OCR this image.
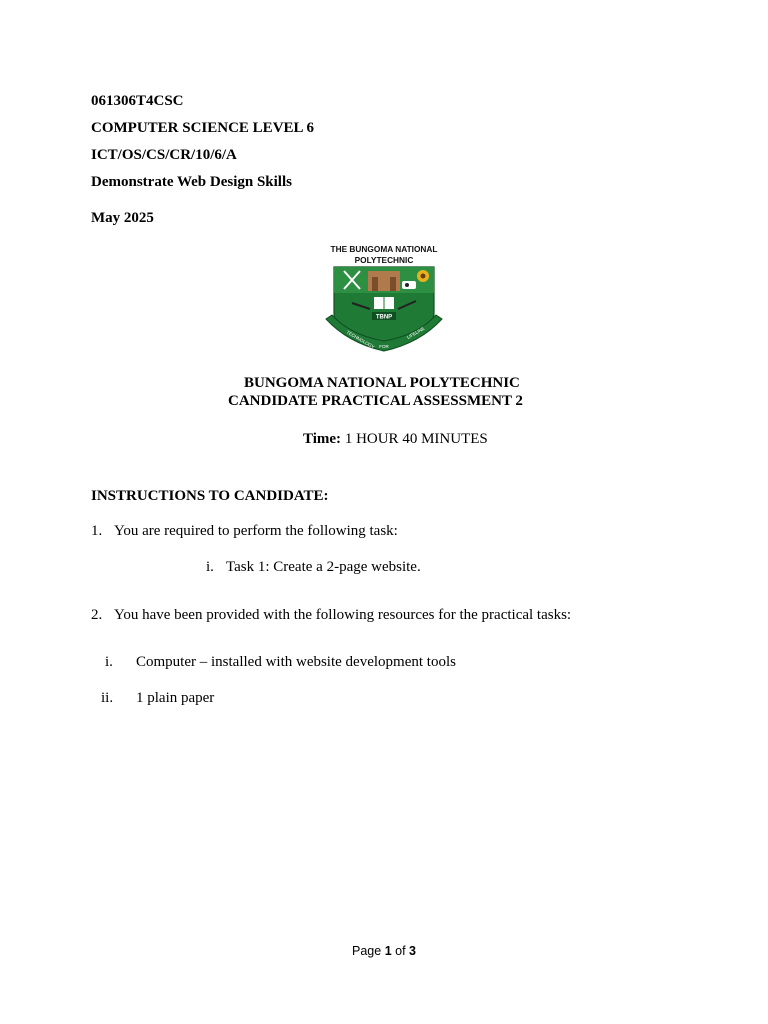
061306T4CSC
COMPUTER SCIENCE LEVEL 6
ICT/OS/CS/CR/10/6/A
Demonstrate Web Design Skills
May 2025
THE BUNGOMA NATIONAL
POLYTECHNIC
TBNP
TECHNOLOGY FOR
LIFELINE
BUNGOMA NATIONAL POLYTECHNIC
CANDIDATE PRACTICAL ASSESSMENT 2
Time: 1 HOUR 40 MINUTES
INSTRUCTIONS TO CANDIDATE:
1. You are required to perform the following task:
i. Task 1: Create a 2-page website.
2. You have been provided with the following resources for the practical tasks:
i. Computer – installed with website development tools
ii. 1 plain paper
Page 1 of 3
